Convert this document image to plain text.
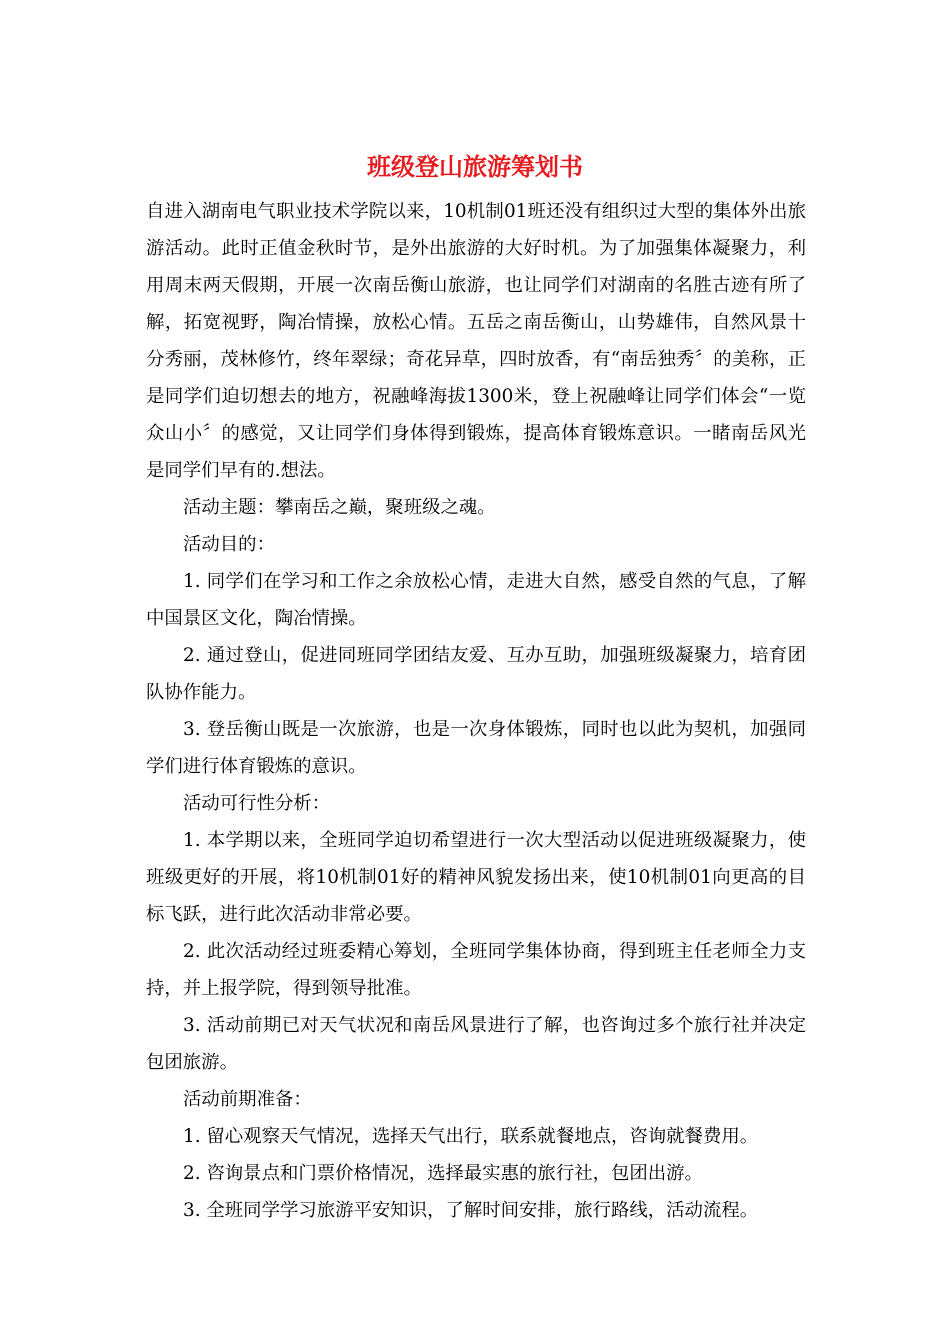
班级登山旅游筹划书

自进入湖南电气职业技术学院以来，10机制01班还没有组织过大型的集体外出旅游活动。此时正值金秋时节，是外出旅游的大好时机。为了加强集体凝聚力，利用周末两天假期，开展一次南岳衡山旅游，也让同学们对湖南的名胜古迹有所了解，拓宽视野，陶冶情操，放松心情。五岳之南岳衡山，山势雄伟，自然风景十分秀丽，茂林修竹，终年翠绿；奇花异草，四时放香，有“南岳独秀〞的美称，正是同学们迫切想去的地方，祝融峰海拔1300米，登上祝融峰让同学们体会“一览众山小〞的感觉，又让同学们身体得到锻炼，提高体育锻炼意识。一睹南岳风光是同学们早有的.想法。

活动主题：攀南岳之巅，聚班级之魂。

活动目的：

1. 同学们在学习和工作之余放松心情，走进大自然，感受自然的气息，了解中国景区文化，陶冶情操。

2. 通过登山，促进同班同学团结友爱、互办互助，加强班级凝聚力，培育团队协作能力。

3. 登岳衡山既是一次旅游，也是一次身体锻炼，同时也以此为契机，加强同学们进行体育锻炼的意识。

活动可行性分析：

1. 本学期以来，全班同学迫切希望进行一次大型活动以促进班级凝聚力，使班级更好的开展，将10机制01好的精神风貌发扬出来，使10机制01向更高的目标飞跃，进行此次活动非常必要。

2. 此次活动经过班委精心筹划，全班同学集体协商，得到班主任老师全力支持，并上报学院，得到领导批准。

3. 活动前期已对天气状况和南岳风景进行了解，也咨询过多个旅行社并决定包团旅游。

活动前期准备：

1. 留心观察天气情况，选择天气出行，联系就餐地点，咨询就餐费用。

2. 咨询景点和门票价格情况，选择最实惠的旅行社，包团出游。

3. 全班同学学习旅游平安知识，了解时间安排，旅行路线，活动流程。
